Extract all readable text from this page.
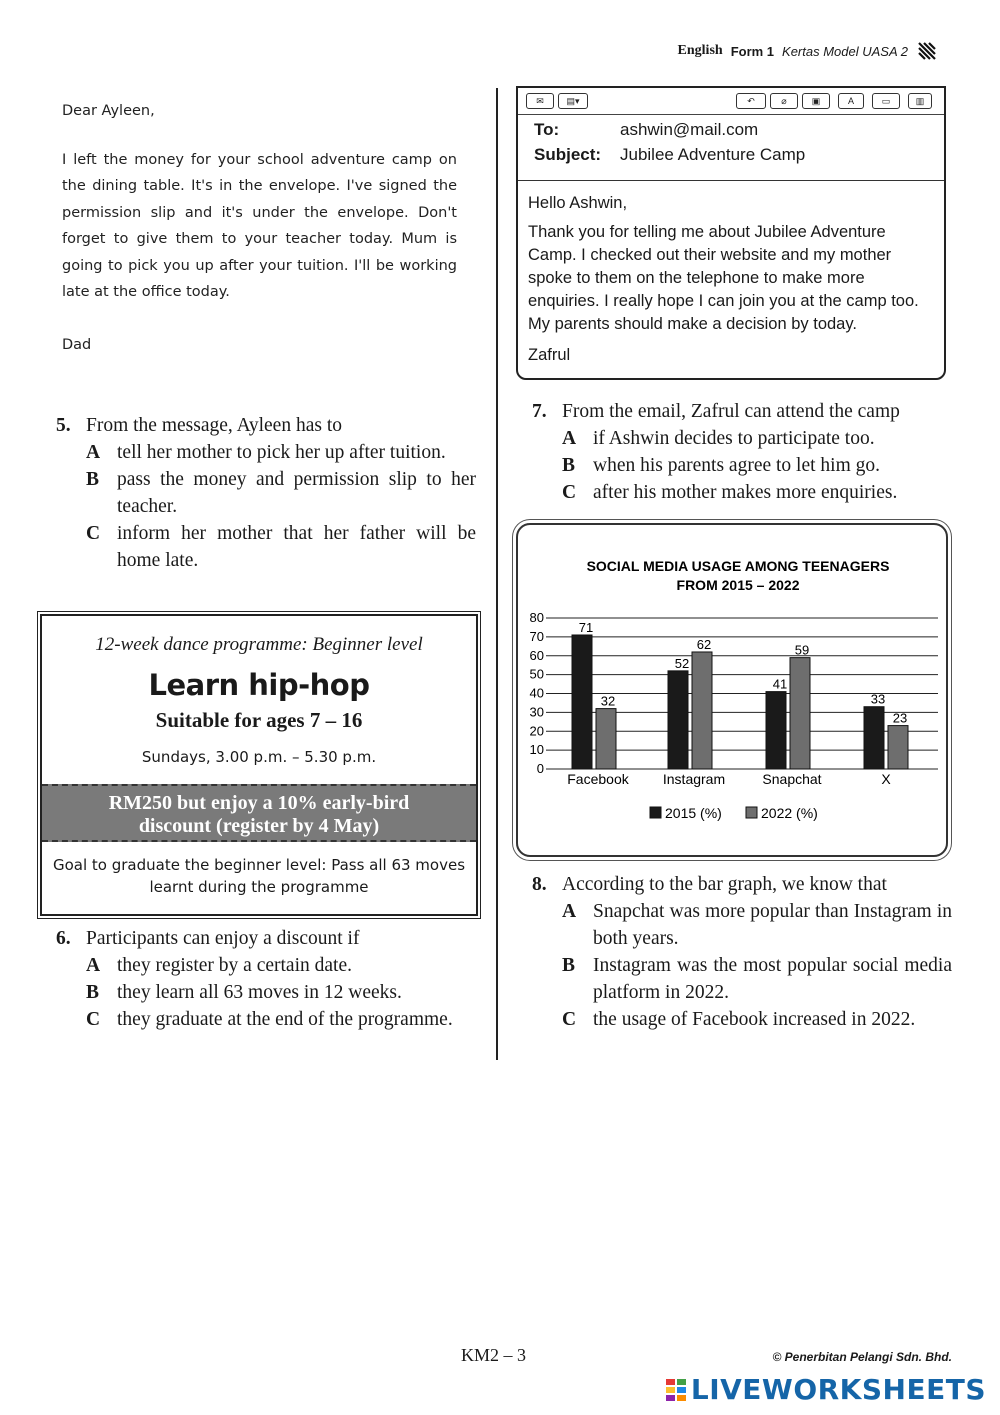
English Form 1 Kertas Model UASA 2
Dear Ayleen,
I left the money for your school adventure camp on the dining table. It's in the envelope. I've signed the permission slip and it's under the envelope. Don't forget to give them to your teacher today. Mum is going to pick you up after your tuition. I'll be working late at the office today.
Dad
5. From the message, Ayleen has to
A tell her mother to pick her up after tuition.
B pass the money and permission slip to her teacher.
C inform her mother that her father will be home late.
12-week dance programme: Beginner level
Learn hip-hop
Suitable for ages 7 – 16
Sundays, 3.00 p.m. – 5.30 p.m.
RM250 but enjoy a 10% early-bird
discount (register by 4 May)
Goal to graduate the beginner level: Pass all 63 moves
learnt during the programme
6. Participants can enjoy a discount if
A they register by a certain date.
B they learn all 63 moves in 12 weeks.
C they graduate at the end of the programme.
✉	▤▾	↶	⌀	▣	A	▭	▥
To:	ashwin@mail.com
Subject: Jubilee Adventure Camp
Hello Ashwin,
Thank you for telling me about Jubilee Adventure Camp. I checked out their website and my mother spoke to them on the telephone to make more enquiries. I really hope I can join you at the camp too. My parents should make a decision by today.
Zafrul
7. From the email, Zafrul can attend the camp
A if Ashwin decides to participate too.
B when his parents agree to let him go.
C after his mother makes more enquiries.
SOCIAL MEDIA USAGE AMONG TEENAGERS
FROM 2015 – 2022
0
10
20
30
40
50
60
70
80
71
32
Facebook
52
62
Instagram
41
59
Snapchat
33
23
X
2015 (%)	2022 (%)
8. According to the bar graph, we know that
A Snapchat was more popular than Instagram in both years.
B Instagram was the most popular social media platform in 2022.
C the usage of Facebook increased in 2022.
KM2 – 3	© Penerbitan Pelangi Sdn. Bhd.
LIVEWORKSHEETS
